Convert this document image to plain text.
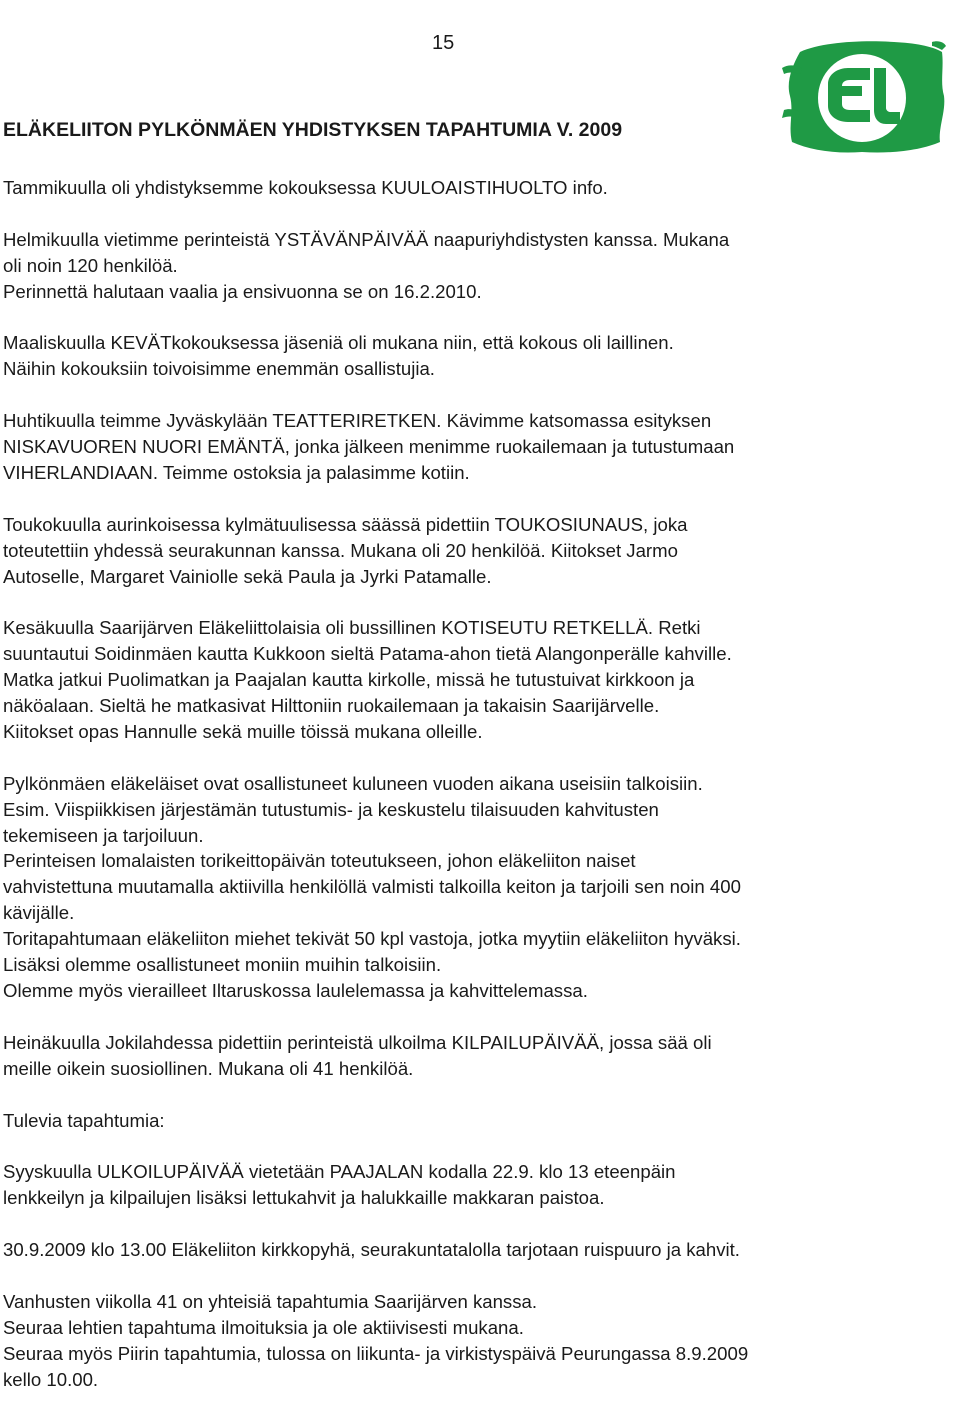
15
ELÄKELIITON PYLKÖNMÄEN YHDISTYKSEN TAPAHTUMIA V. 2009

Tammikuulla oli yhdistyksemme kokouksessa KUULOAISTIHUOLTO info.

Helmikuulla vietimme perinteistä YSTÄVÄNPÄIVÄÄ naapuriyhdistysten kanssa. Mukana
oli noin 120 henkilöä.
Perinnettä halutaan vaalia ja ensivuonna se on 16.2.2010.

Maaliskuulla KEVÄTkokouksessa jäseniä oli mukana niin, että kokous oli laillinen.
Näihin kokouksiin toivoisimme enemmän osallistujia.

Huhtikuulla teimme Jyväskylään TEATTERIRETKEN. Kävimme katsomassa esityksen
NISKAVUOREN NUORI EMÄNTÄ, jonka jälkeen menimme ruokailemaan ja tutustumaan
VIHERLANDIAAN. Teimme ostoksia ja palasimme kotiin.

Toukokuulla aurinkoisessa kylmätuulisessa säässä pidettiin TOUKOSIUNAUS, joka
toteutettiin yhdessä seurakunnan kanssa. Mukana oli 20 henkilöä. Kiitokset Jarmo
Autoselle, Margaret Vainiolle sekä Paula ja Jyrki Patamalle.

Kesäkuulla Saarijärven Eläkeliittolaisia oli bussillinen KOTISEUTU RETKELLÄ. Retki
suuntautui Soidinmäen kautta Kukkoon sieltä Patama-ahon tietä Alangonperälle kahville.
Matka jatkui Puolimatkan ja Paajalan kautta kirkolle, missä he tutustuivat kirkkoon ja
näköalaan. Sieltä he matkasivat Hilttoniin ruokailemaan ja takaisin Saarijärvelle.
Kiitokset opas Hannulle sekä muille töissä mukana olleille.

Pylkönmäen eläkeläiset ovat osallistuneet kuluneen vuoden aikana useisiin talkoisiin.
Esim. Viispiikkisen järjestämän tutustumis- ja keskustelu tilaisuuden kahvitusten
tekemiseen ja tarjoiluun.
Perinteisen lomalaisten torikeittopäivän toteutukseen, johon eläkeliiton naiset
vahvistettuna muutamalla aktiivilla henkilöllä valmisti talkoilla keiton ja tarjoili sen noin 400
kävijälle.
Toritapahtumaan eläkeliiton miehet tekivät 50 kpl vastoja, jotka myytiin eläkeliiton hyväksi.
Lisäksi olemme osallistuneet moniin muihin talkoisiin.
Olemme myös vierailleet Iltaruskossa laulelemassa ja kahvittelemassa.

Heinäkuulla Jokilahdessa pidettiin perinteistä ulkoilma KILPAILUPÄIVÄÄ, jossa sää oli
meille oikein suosiollinen. Mukana oli 41 henkilöä.

Tulevia tapahtumia:

Syyskuulla ULKOILUPÄIVÄÄ vietetään PAAJALAN kodalla 22.9. klo 13 eteenpäin
lenkkeilyn ja kilpailujen lisäksi lettukahvit ja halukkaille makkaran paistoa.

30.9.2009 klo 13.00 Eläkeliiton kirkkopyhä, seurakuntatalolla tarjotaan ruispuuro ja kahvit.

Vanhusten viikolla 41 on yhteisiä tapahtumia Saarijärven kanssa.
Seuraa lehtien tapahtuma ilmoituksia ja ole aktiivisesti mukana.
Seuraa myös Piirin tapahtumia, tulossa on liikunta- ja virkistyspäivä Peurungassa 8.9.2009
kello 10.00.
